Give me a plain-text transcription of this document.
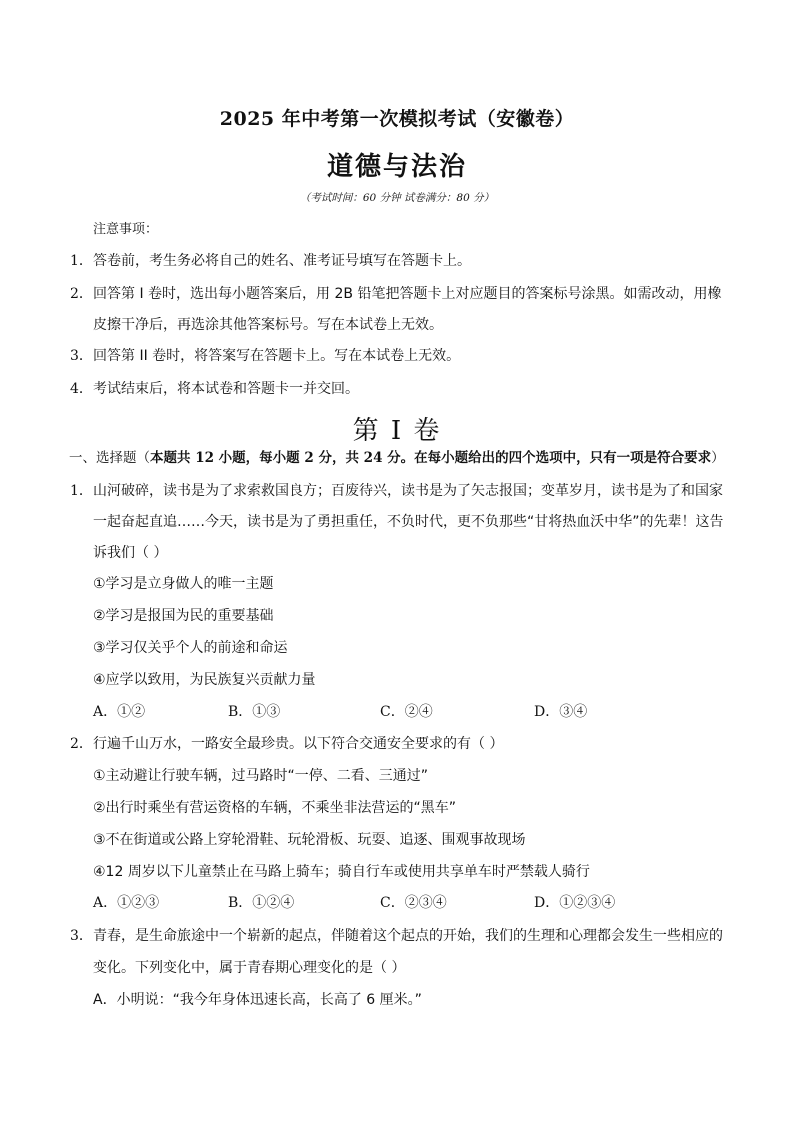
2025 年中考第一次模拟考试（安徽卷）
道德与法治
（考试时间：60 分钟 试卷满分：80 分）
注意事项：
1． 答卷前，考生务必将自己的姓名、准考证号填写在答题卡上。
2． 回答第 I 卷时，选出每小题答案后，用 2B 铅笔把答题卡上对应题目的答案标号涂黑。如需改动，用橡
皮擦干净后，再选涂其他答案标号。写在本试卷上无效。
3． 回答第 II 卷时，将答案写在答题卡上。写在本试卷上无效。
4． 考试结束后，将本试卷和答题卡一并交回。
第 I 卷
一、选择题（本题共 12 小题，每小题 2 分，共 24 分。在每小题给出的四个选项中，只有一项是符合要求）
1． 山河破碎，读书是为了求索救国良方；百废待兴，读书是为了矢志报国；变革岁月，读书是为了和国家
一起奋起直追……今天，读书是为了勇担重任，不负时代，更不负那些“甘将热血沃中华”的先辈！这告
诉我们（ ）
①学习是立身做人的唯一主题
②学习是报国为民的重要基础
③学习仅关乎个人的前途和命运
④应学以致用，为民族复兴贡献力量
A．①②	B．①③	C．②④	D．③④
2． 行遍千山万水，一路安全最珍贵。以下符合交通安全要求的有（ ）
①主动避让行驶车辆，过马路时“一停、二看、三通过”
②出行时乘坐有营运资格的车辆，不乘坐非法营运的“黑车”
③不在街道或公路上穿轮滑鞋、玩轮滑板、玩耍、追逐、围观事故现场
④12 周岁以下儿童禁止在马路上骑车；骑自行车或使用共享单车时严禁载人骑行
A．①②③	B．①②④	C．②③④	D．①②③④
3． 青春，是生命旅途中一个崭新的起点，伴随着这个起点的开始，我们的生理和心理都会发生一些相应的
变化。下列变化中，属于青春期心理变化的是（ ）
A．小明说：“我今年身体迅速长高，长高了 6 厘米。”
